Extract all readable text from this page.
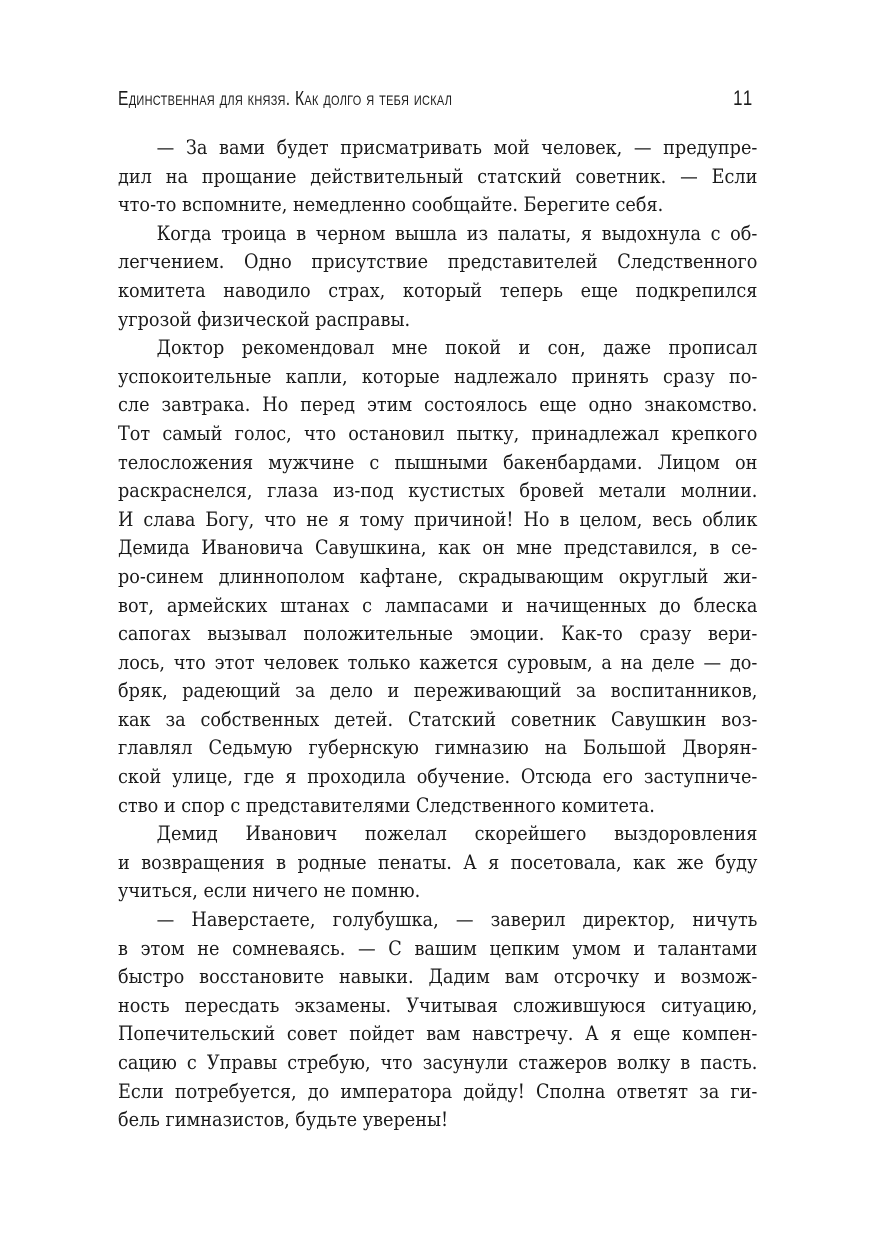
Единственная для князя. Как долго я тебя искал	11
— За вами будет присматривать мой человек, — предупре-
дил на прощание действительный статский советник. — Если
что-то вспомните, немедленно сообщайте. Берегите себя.
Когда троица в черном вышла из палаты, я выдохнула с об-
легчением. Одно присутствие представителей Следственного
комитета наводило страх, который теперь еще подкрепился
угрозой физической расправы.
Доктор рекомендовал мне покой и сон, даже прописал
успокоительные капли, которые надлежало принять сразу по-
сле завтрака. Но перед этим состоялось еще одно знакомство.
Тот самый голос, что остановил пытку, принадлежал крепкого
телосложения мужчине с пышными бакенбардами. Лицом он
раскраснелся, глаза из-под кустистых бровей метали молнии.
И слава Богу, что не я тому причиной! Но в целом, весь облик
Демида Ивановича Савушкина, как он мне представился, в се-
ро-синем длиннополом кафтане, скрадывающим округлый жи-
вот, армейских штанах с лампасами и начищенных до блеска
сапогах вызывал положительные эмоции. Как-то сразу вери-
лось, что этот человек только кажется суровым, а на деле — до-
бряк, радеющий за дело и переживающий за воспитанников,
как за собственных детей. Статский советник Савушкин воз-
главлял Седьмую губернскую гимназию на Большой Дворян-
ской улице, где я проходила обучение. Отсюда его заступниче-
ство и спор с представителями Следственного комитета.
Демид Иванович пожелал скорейшего выздоровления
и возвращения в родные пенаты. А я посетовала, как же буду
учиться, если ничего не помню.
— Наверстаете, голубушка, — заверил директор, ничуть
в этом не сомневаясь. — С вашим цепким умом и талантами
быстро восстановите навыки. Дадим вам отсрочку и возмож-
ность пересдать экзамены. Учитывая сложившуюся ситуацию,
Попечительский совет пойдет вам навстречу. А я еще компен-
сацию с Управы стребую, что засунули стажеров волку в пасть.
Если потребуется, до императора дойду! Сполна ответят за ги-
бель гимназистов, будьте уверены!
